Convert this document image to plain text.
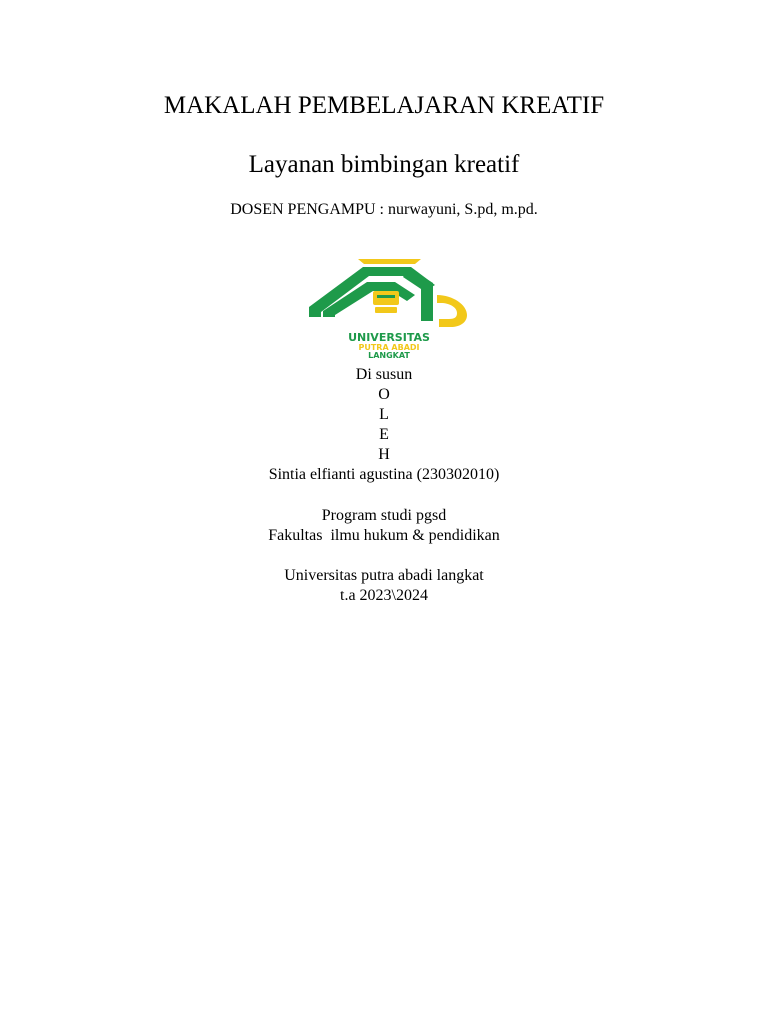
MAKALAH PEMBELAJARAN KREATIF
Layanan bimbingan kreatif
DOSEN PENGAMPU : nurwayuni, S.pd, m.pd.
UNIVERSITAS
PUTRA ABADI
LANGKAT
Di susun
O
L
E
H
Sintia elfianti agustina (230302010)
Program studi pgsd
Fakultas  ilmu hukum & pendidikan
Universitas putra abadi langkat
t.a 2023\2024
